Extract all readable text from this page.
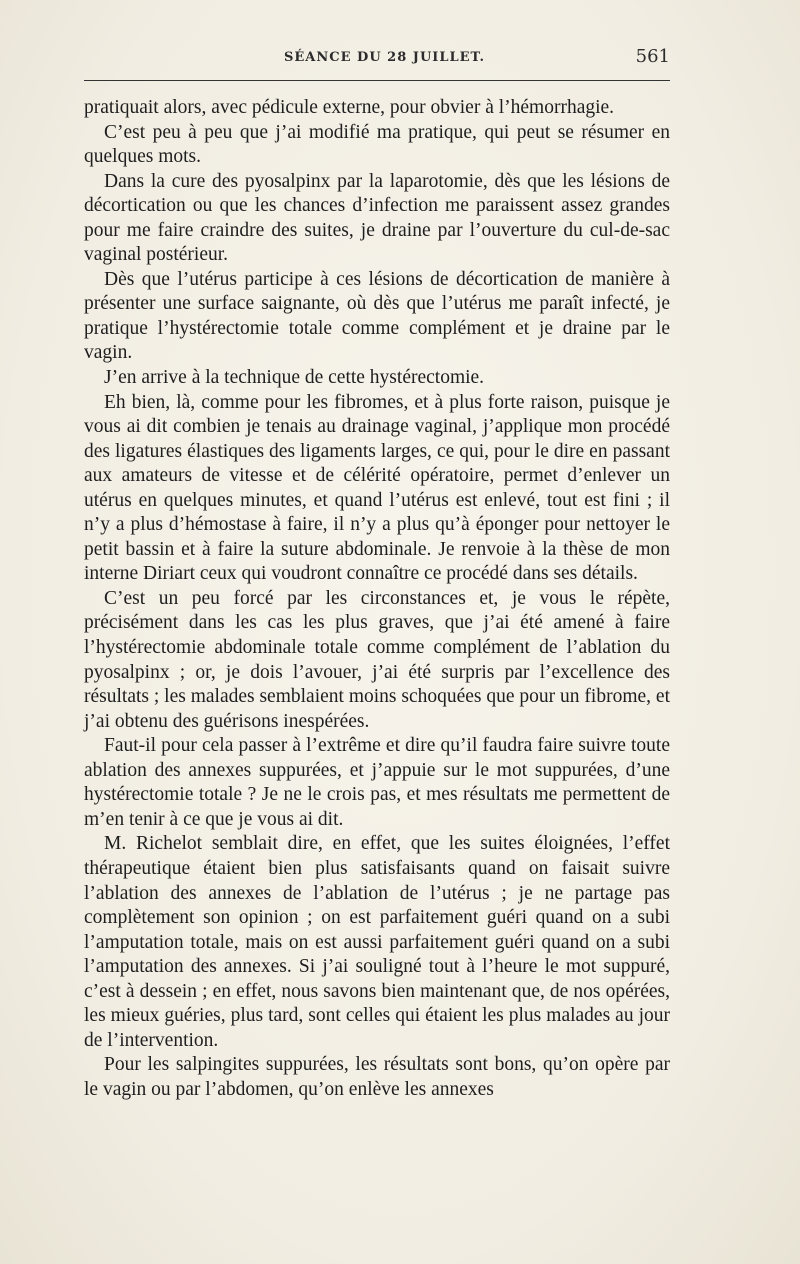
SÉANCE DU 28 JUILLET.	561

pratiquait alors, avec pédicule externe, pour obvier à l’hémorrhagie.

C’est peu à peu que j’ai modifié ma pratique, qui peut se résumer en quelques mots.

Dans la cure des pyosalpinx par la laparotomie, dès que les lésions de décortication ou que les chances d’infection me paraissent assez grandes pour me faire craindre des suites, je draine par l’ouverture du cul-de-sac vaginal postérieur.

Dès que l’utérus participe à ces lésions de décortication de manière à présenter une surface saignante, où dès que l’utérus me paraît infecté, je pratique l’hystérectomie totale comme complément et je draine par le vagin.

J’en arrive à la technique de cette hystérectomie.

Eh bien, là, comme pour les fibromes, et à plus forte raison, puisque je vous ai dit combien je tenais au drainage vaginal, j’applique mon procédé des ligatures élastiques des ligaments larges, ce qui, pour le dire en passant aux amateurs de vitesse et de célérité opératoire, permet d’enlever un utérus en quelques minutes, et quand l’utérus est enlevé, tout est fini ; il n’y a plus d’hémostase à faire, il n’y a plus qu’à éponger pour nettoyer le petit bassin et à faire la suture abdominale. Je renvoie à la thèse de mon interne Diriart ceux qui voudront connaître ce procédé dans ses détails.

C’est un peu forcé par les circonstances et, je vous le répète, précisément dans les cas les plus graves, que j’ai été amené à faire l’hystérectomie abdominale totale comme complément de l’ablation du pyosalpinx ; or, je dois l’avouer, j’ai été surpris par l’excellence des résultats ; les malades semblaient moins schoquées que pour un fibrome, et j’ai obtenu des guérisons inespérées.

Faut-il pour cela passer à l’extrême et dire qu’il faudra faire suivre toute ablation des annexes suppurées, et j’appuie sur le mot suppurées, d’une hystérectomie totale ? Je ne le crois pas, et mes résultats me permettent de m’en tenir à ce que je vous ai dit.

M. Richelot semblait dire, en effet, que les suites éloignées, l’effet thérapeutique étaient bien plus satisfaisants quand on faisait suivre l’ablation des annexes de l’ablation de l’utérus ; je ne partage pas complètement son opinion ; on est parfaitement guéri quand on a subi l’amputation totale, mais on est aussi parfaitement guéri quand on a subi l’amputation des annexes. Si j’ai souligné tout à l’heure le mot suppuré, c’est à dessein ; en effet, nous savons bien maintenant que, de nos opérées, les mieux guéries, plus tard, sont celles qui étaient les plus malades au jour de l’intervention.

Pour les salpingites suppurées, les résultats sont bons, qu’on opère par le vagin ou par l’abdomen, qu’on enlève les annexes
